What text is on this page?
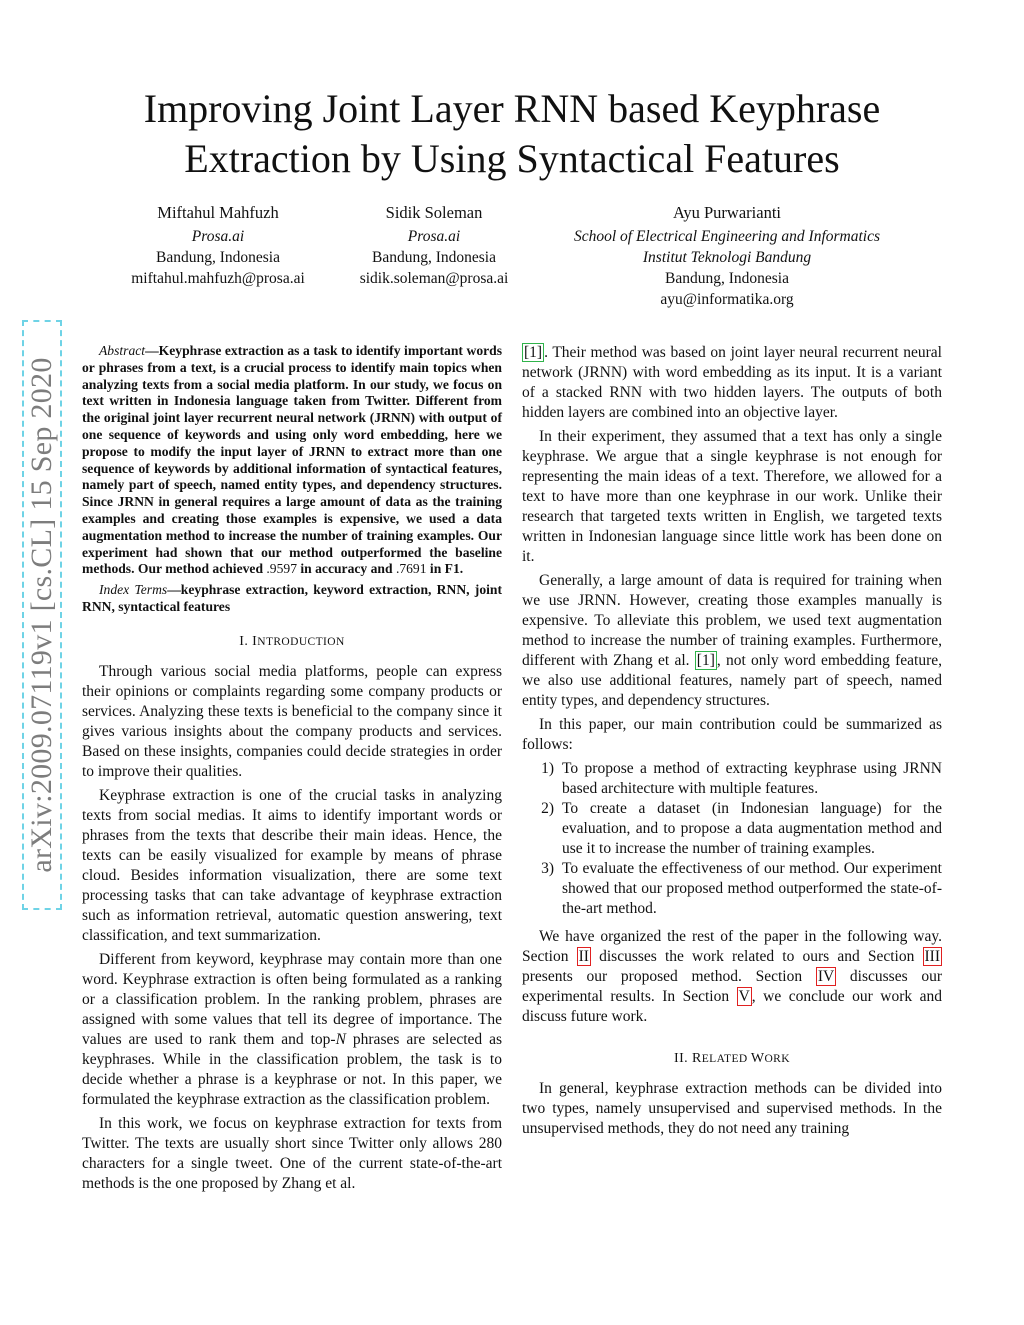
arXiv:2009.07119v1 [cs.CL] 15 Sep 2020
Improving Joint Layer RNN based Keyphrase
Extraction by Using Syntactical Features
Miftahul Mahfuzh
Prosa.ai
Bandung, Indonesia
miftahul.mahfuzh@prosa.ai
Sidik Soleman
Prosa.ai
Bandung, Indonesia
sidik.soleman@prosa.ai
Ayu Purwarianti
School of Electrical Engineering and Informatics
Institut Teknologi Bandung
Bandung, Indonesia
ayu@informatika.org

Abstract—Keyphrase extraction as a task to identify important words or phrases from a text, is a crucial process to identify main topics when analyzing texts from a social media platform. In our study, we focus on text written in Indonesia language taken from Twitter. Different from the original joint layer recurrent neural network (JRNN) with output of one sequence of keywords and using only word embedding, here we propose to modify the input layer of JRNN to extract more than one sequence of keywords by additional information of syntactical features, namely part of speech, named entity types, and dependency structures. Since JRNN in general requires a large amount of data as the training examples and creating those examples is expensive, we used a data augmentation method to increase the number of training examples. Our experiment had shown that our method outperformed the baseline methods. Our method achieved .9597 in accuracy and .7691 in F1.

Index Terms—keyphrase extraction, keyword extraction, RNN, joint RNN, syntactical features

I. INTRODUCTION

Through various social media platforms, people can express their opinions or complaints regarding some company products or services. Analyzing these texts is beneficial to the company since it gives various insights about the company products and services. Based on these insights, companies could decide strategies in order to improve their qualities.

Keyphrase extraction is one of the crucial tasks in analyzing texts from social medias. It aims to identify important words or phrases from the texts that describe their main ideas. Hence, the texts can be easily visualized for example by means of phrase cloud. Besides information visualization, there are some text processing tasks that can take advantage of keyphrase extraction such as information retrieval, automatic question answering, text classification, and text summarization.

Different from keyword, keyphrase may contain more than one word. Keyphrase extraction is often being formulated as a ranking or a classification problem. In the ranking problem, phrases are assigned with some values that tell its degree of importance. The values are used to rank them and top-N phrases are selected as keyphrases. While in the classification problem, the task is to decide whether a phrase is a keyphrase or not. In this paper, we formulated the keyphrase extraction as the classification problem.

In this work, we focus on keyphrase extraction for texts from Twitter. The texts are usually short since Twitter only allows 280 characters for a single tweet. One of the current state-of-the-art methods is the one proposed by Zhang et al.

[1] . Their method was based on joint layer neural recurrent neural network (JRNN) with word embedding as its input. It is a variant of a stacked RNN with two hidden layers. The outputs of both hidden layers are combined into an objective layer.

In their experiment, they assumed that a text has only a single keyphrase. We argue that a single keyphrase is not enough for representing the main ideas of a text. Therefore, we allowed for a text to have more than one keyphrase in our work. Unlike their research that targeted texts written in English, we targeted texts written in Indonesian language since little work has been done on it.

Generally, a large amount of data is required for training when we use JRNN. However, creating those examples manually is expensive. To alleviate this problem, we used text augmentation method to increase the number of training examples. Furthermore, different with Zhang et al. [1] , not only word embedding feature, we also use additional features, namely part of speech, named entity types, and dependency structures.

In this paper, our main contribution could be summarized as follows:

1) To propose a method of extracting keyphrase using JRNN based architecture with multiple features.
2) To create a dataset (in Indonesian language) for the evaluation, and to propose a data augmentation method and use it to increase the number of training examples.
3) To evaluate the effectiveness of our method. Our experiment showed that our proposed method outperformed the state-of-the-art method.

We have organized the rest of the paper in the following way. Section II discusses the work related to ours and Section III presents our proposed method. Section IV discusses our experimental results. In Section V , we conclude our work and discuss future work.

II. RELATED WORK

In general, keyphrase extraction methods can be divided into two types, namely unsupervised and supervised methods. In the unsupervised methods, they do not need any training
